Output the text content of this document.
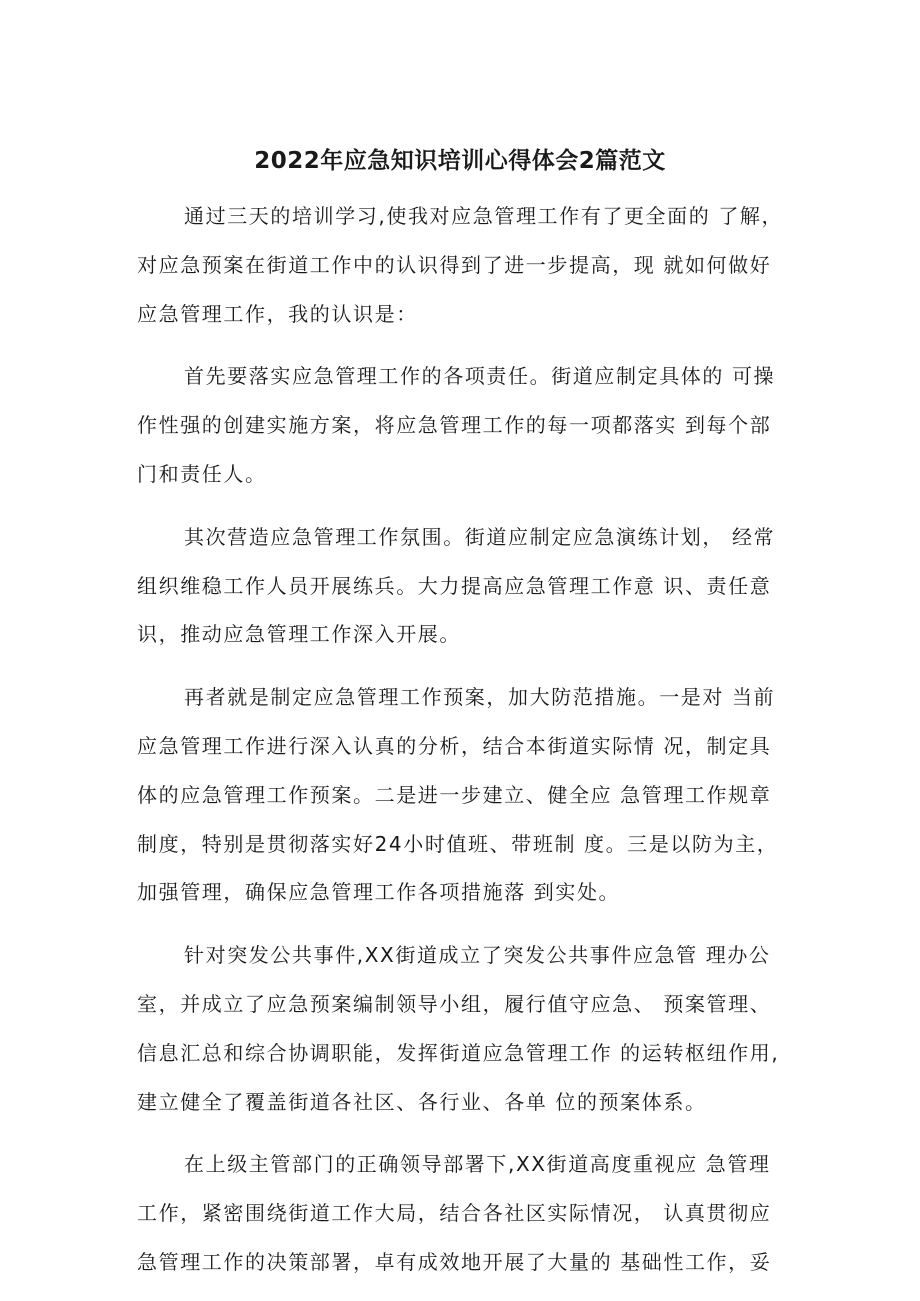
2022年应急知识培训心得体会2篇范文
通过三天的培训学习,使我对应急管理工作有了更全面的 了解，
对应急预案在街道工作中的认识得到了进一步提高，现 就如何做好
应急管理工作，我的认识是：
首先要落实应急管理工作的各项责任。街道应制定具体的 可操
作性强的创建实施方案，将应急管理工作的每一项都落实 到每个部
门和责任人。
其次营造应急管理工作氛围。街道应制定应急演练计划， 经常
组织维稳工作人员开展练兵。大力提高应急管理工作意 识、责任意
识，推动应急管理工作深入开展。
再者就是制定应急管理工作预案，加大防范措施。一是对 当前
应急管理工作进行深入认真的分析，结合本街道实际情 况，制定具
体的应急管理工作预案。二是进一步建立、健全应 急管理工作规章
制度，特别是贯彻落实好24小时值班、带班制 度。三是以防为主，
加强管理，确保应急管理工作各项措施落 到实处。
针对突发公共事件,XX街道成立了突发公共事件应急管 理办公
室，并成立了应急预案编制领导小组，履行值守应急、 预案管理、
信息汇总和综合协调职能，发挥街道应急管理工作 的运转枢纽作用,
建立健全了覆盖街道各社区、各行业、各单 位的预案体系。
在上级主管部门的正确领导部署下,XX街道高度重视应 急管理
工作，紧密围绕街道工作大局，结合各社区实际情况， 认真贯彻应
急管理工作的决策部署，卓有成效地开展了大量的 基础性工作，妥
